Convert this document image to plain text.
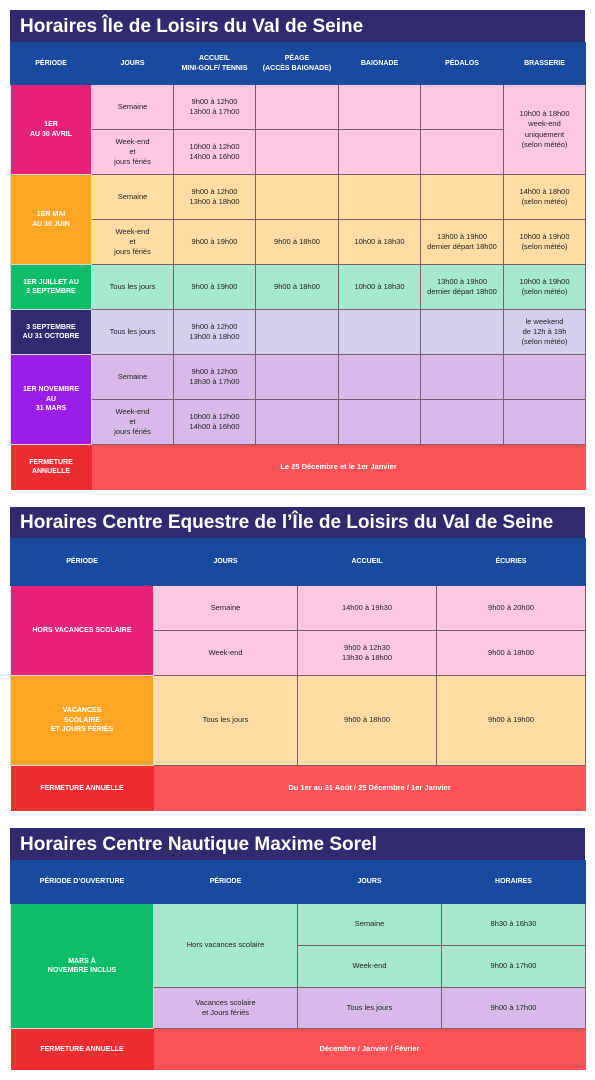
Horaires Île de Loisirs du Val de Seine
PÉRIODE	JOURS	ACCUEIL
MINI-GOLF/ TENNIS	PÉAGE
(ACCÈS BAIGNADE)	BAIGNADE	PÉDALOS	BRASSERIE
1ER
AU 30 AVRIL	Semaine	9h00 à 12h00
13h00 à 17h00				10h00 à 18h00
week-end
uniquement
(selon météo)
	Week-end
et
jours fériés	10h00 à 12h00
14h00 à 16h00				
1ER MAI
AU 30 JUIN	Semaine	9h00 à 12h00
13h00 à 18h00				14h00 à 18h00
(selon météo)
	Week-end
et
jours fériés	9h00 à 19h00	9h00 à 18h00	10h00 à 18h30	13h00 à 19h00
dernier départ 18h00	10h00 à 19h00
(selon météo)
1ER JUILLET AU
2 SEPTEMBRE	Tous les jours	9h00 à 19h00	9h00 à 18h00	10h00 à 18h30	13h00 à 19h00
dernier départ 18h00	10h00 à 19h00
(selon météo)
3 SEPTEMBRE
AU 31 OCTOBRE	Tous les jours	9h00 à 12h00
13h00 à 18h00				le weekend
de 12h à 19h
(selon météo)
1ER NOVEMBRE
AU
31 MARS	Semaine	9h00 à 12h00
13h30 à 17h00				
	Week-end
et
jours fériés	10h00 à 12h00
14h00 à 16h00				
FERMETURE
ANNUELLE	Le 25 Décembre et le 1er Janvier					
Horaires Centre Equestre de l’Île de Loisirs du Val de Seine
PÉRIODE	JOURS	ACCUEIL	ÉCURIES
HORS VACANCES SCOLAIRE	Semaine	14h00 à 19h30	9h00 à 20h00
	Week-end	9h00 à 12h30
13h30 à 18h00	9h00 à 18h00
VACANCES
SCOLAIRE
ET JOURS FÉRIÉS	Tous les jours	9h00 à 18h00	9h00 à 19h00
FERMETURE ANNUELLE	Du 1er au 31 Août / 25 Décembre / 1er Janvier		
Horaires Centre Nautique Maxime Sorel
PÉRIODE D’OUVERTURE	PÉRIODE	JOURS	HORAIRES
MARS À
NOVEMBRE INCLUS	Hors vacances scolaire	Semaine	8h30 à 16h30
		Week-end	9h00 à 17h00
	Vacances scolaire
et Jours fériés	Tous les jours	9h00 à 17h00
FERMETURE ANNUELLE	Décembre / Janvier / Février		
